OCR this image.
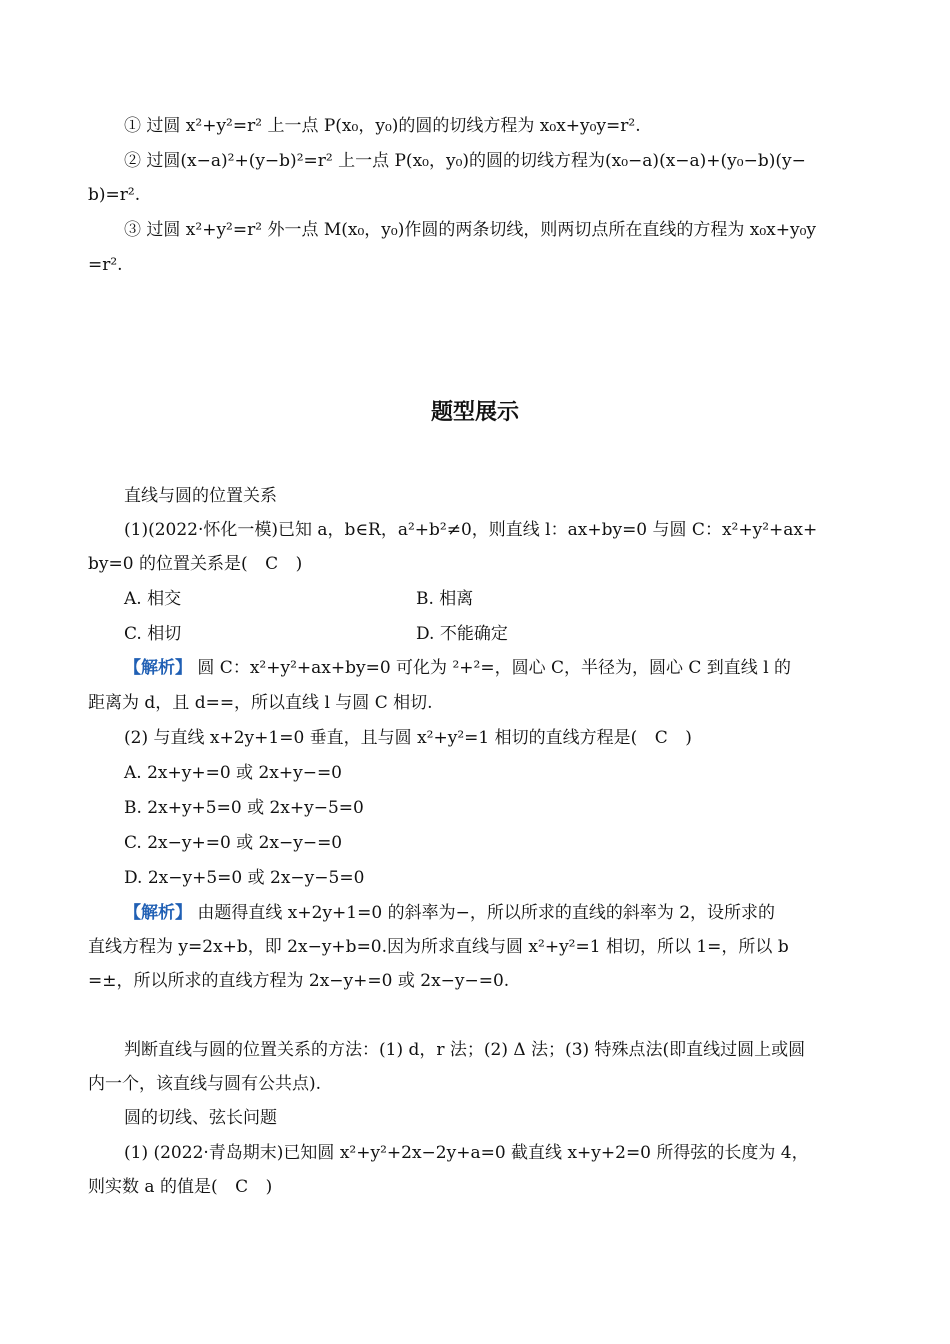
① 过圆 x²+y²=r² 上一点 P(x₀，y₀)的圆的切线方程为 x₀x+y₀y=r².
② 过圆(x−a)²+(y−b)²=r² 上一点 P(x₀，y₀)的圆的切线方程为(x₀−a)(x−a)+(y₀−b)(y−
b)=r².
③ 过圆 x²+y²=r² 外一点 M(x₀，y₀)作圆的两条切线，则两切点所在直线的方程为 x₀x+y₀y
=r².
题型展示
直线与圆的位置关系
(1)(2022·怀化一模)已知 a，b∈R，a²+b²≠0，则直线 l：ax+by=0 与圆 C：x²+y²+ax+
by=0 的位置关系是( C )
A. 相交	B. 相离
C. 相切	D. 不能确定
【解析】 圆 C：x²+y²+ax+by=0 可化为 ²+²=，圆心 C，半径为，圆心 C 到直线 l 的
距离为 d，且 d==，所以直线 l 与圆 C 相切.
(2) 与直线 x+2y+1=0 垂直，且与圆 x²+y²=1 相切的直线方程是( C )
A. 2x+y+=0 或 2x+y−=0
B. 2x+y+5=0 或 2x+y−5=0
C. 2x−y+=0 或 2x−y−=0
D. 2x−y+5=0 或 2x−y−5=0
【解析】 由题得直线 x+2y+1=0 的斜率为−，所以所求的直线的斜率为 2，设所求的
直线方程为 y=2x+b，即 2x−y+b=0.因为所求直线与圆 x²+y²=1 相切，所以 1=，所以 b
=±，所以所求的直线方程为 2x−y+=0 或 2x−y−=0.
判断直线与圆的位置关系的方法：(1) d，r 法；(2) Δ 法；(3) 特殊点法(即直线过圆上或圆
内一个，该直线与圆有公共点).
圆的切线、弦长问题
(1) (2022·青岛期末)已知圆 x²+y²+2x−2y+a=0 截直线 x+y+2=0 所得弦的长度为 4，
则实数 a 的值是( C )
